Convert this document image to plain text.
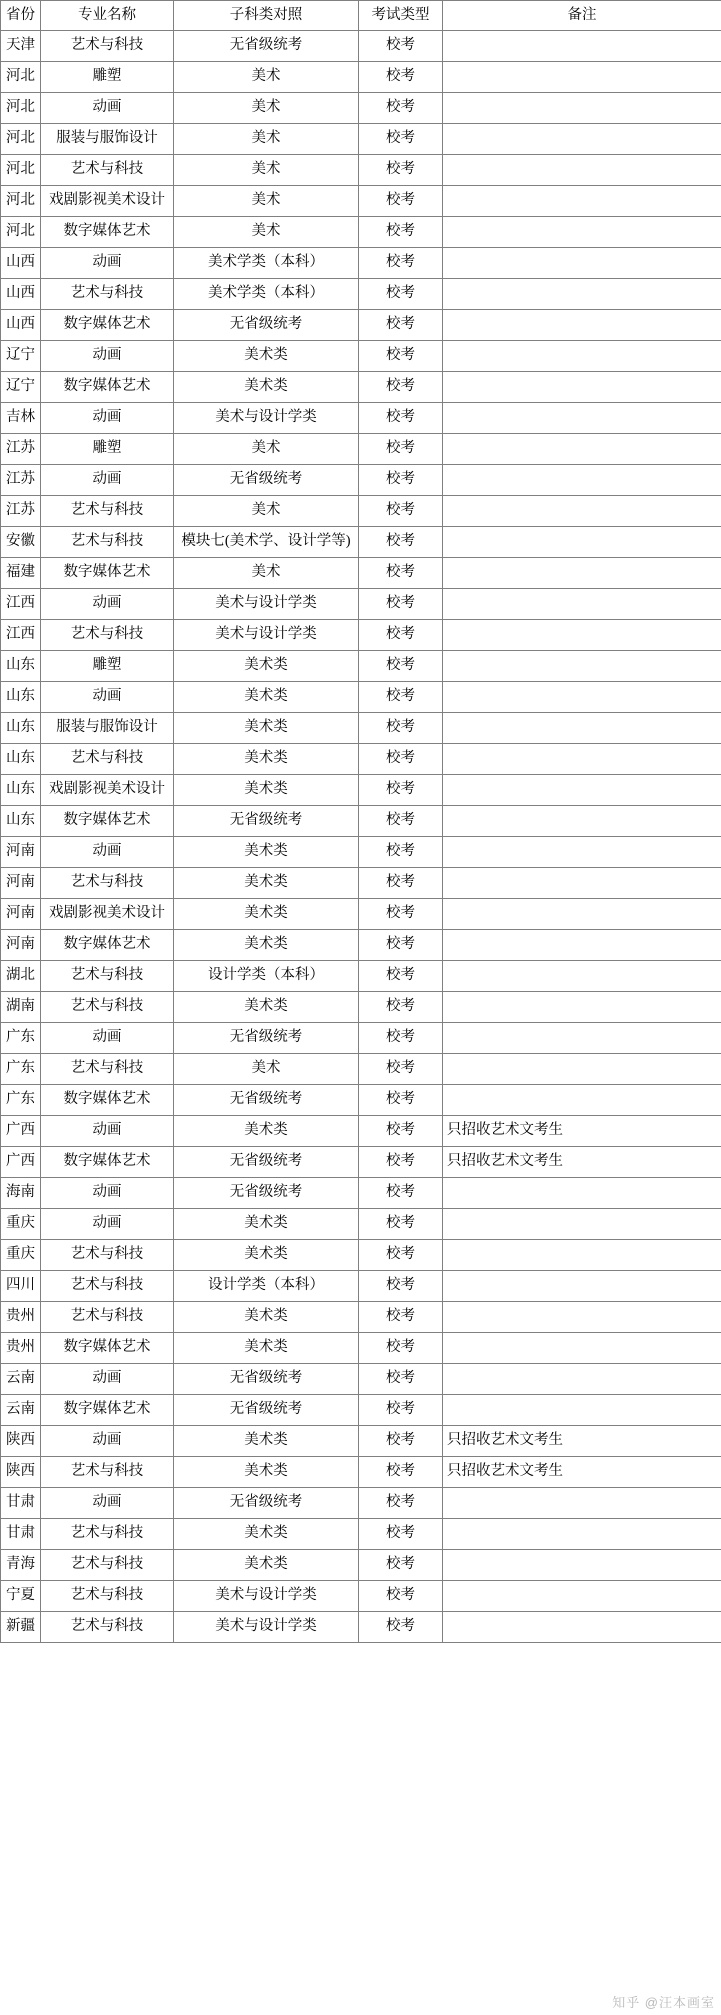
省份	专业名称	子科类对照	考试类型	备注
天津	艺术与科技	无省级统考	校考	
河北	雕塑	美术	校考	
河北	动画	美术	校考	
河北	服装与服饰设计	美术	校考	
河北	艺术与科技	美术	校考	
河北	戏剧影视美术设计	美术	校考	
河北	数字媒体艺术	美术	校考	
山西	动画	美术学类（本科）	校考	
山西	艺术与科技	美术学类（本科）	校考	
山西	数字媒体艺术	无省级统考	校考	
辽宁	动画	美术类	校考	
辽宁	数字媒体艺术	美术类	校考	
吉林	动画	美术与设计学类	校考	
江苏	雕塑	美术	校考	
江苏	动画	无省级统考	校考	
江苏	艺术与科技	美术	校考	
安徽	艺术与科技	模块七(美术学、设计学等)	校考	
福建	数字媒体艺术	美术	校考	
江西	动画	美术与设计学类	校考	
江西	艺术与科技	美术与设计学类	校考	
山东	雕塑	美术类	校考	
山东	动画	美术类	校考	
山东	服装与服饰设计	美术类	校考	
山东	艺术与科技	美术类	校考	
山东	戏剧影视美术设计	美术类	校考	
山东	数字媒体艺术	无省级统考	校考	
河南	动画	美术类	校考	
河南	艺术与科技	美术类	校考	
河南	戏剧影视美术设计	美术类	校考	
河南	数字媒体艺术	美术类	校考	
湖北	艺术与科技	设计学类（本科）	校考	
湖南	艺术与科技	美术类	校考	
广东	动画	无省级统考	校考	
广东	艺术与科技	美术	校考	
广东	数字媒体艺术	无省级统考	校考	
广西	动画	美术类	校考	只招收艺术文考生
广西	数字媒体艺术	无省级统考	校考	只招收艺术文考生
海南	动画	无省级统考	校考	
重庆	动画	美术类	校考	
重庆	艺术与科技	美术类	校考	
四川	艺术与科技	设计学类（本科）	校考	
贵州	艺术与科技	美术类	校考	
贵州	数字媒体艺术	美术类	校考	
云南	动画	无省级统考	校考	
云南	数字媒体艺术	无省级统考	校考	
陕西	动画	美术类	校考	只招收艺术文考生
陕西	艺术与科技	美术类	校考	只招收艺术文考生
甘肃	动画	无省级统考	校考	
甘肃	艺术与科技	美术类	校考	
青海	艺术与科技	美术类	校考	
宁夏	艺术与科技	美术与设计学类	校考	
新疆	艺术与科技	美术与设计学类	校考	
知乎 @汪本画室
